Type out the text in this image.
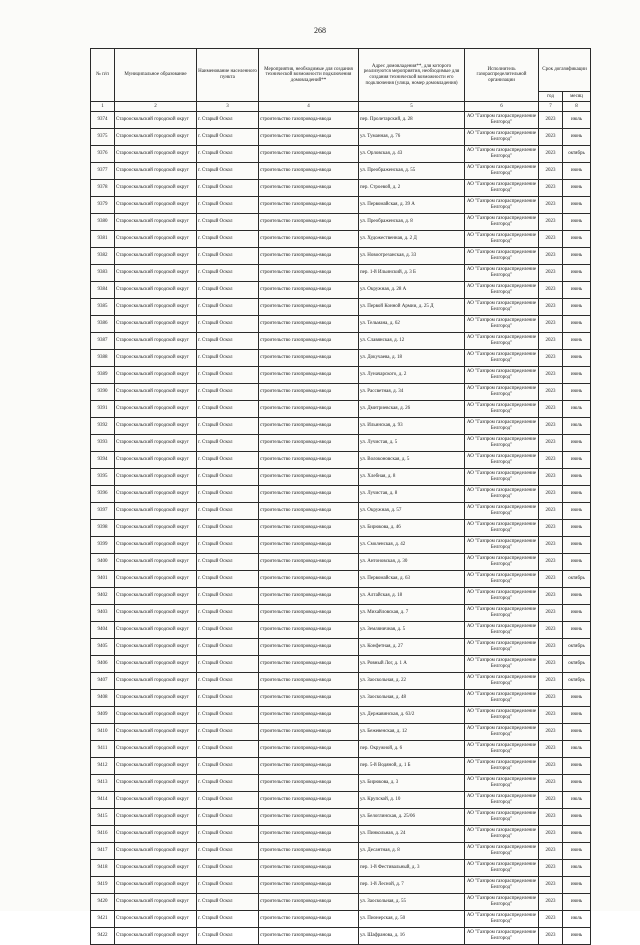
268
№ п/п	Муниципальное образование	Наименование населенного пункта	Мероприятия, необходимые для создания технической возможности подключения домовладений**	Адрес домовладения**, для которого реализуются мероприятия, необходимые для создания технической возможности его подключения (улица, номер домовладения)	Исполнитель газораспределительной организации	Срок догазификации	
						год	месяц
1	2	3	4	5	6	7	8
9374	Старооскольский городской округ	г. Старый Оскол	строительство газопровода-ввода	пер. Пролетарский, д. 28	АО "Газпром газораспределение Белгород"	2023	июль
9375	Старооскольский городской округ	г. Старый Оскол	строительство газопровода-ввода	ул. Туманная, д. 76	АО "Газпром газораспределение Белгород"	2023	июнь
9376	Старооскольский городской округ	г. Старый Оскол	строительство газопровода-ввода	ул. Орловская, д. 43	АО "Газпром газораспределение Белгород"	2023	октябрь
9377	Старооскольский городской округ	г. Старый Оскол	строительство газопровода-ввода	ул. Преображенская, д. 55	АО "Газпром газораспределение Белгород"	2023	июнь
9378	Старооскольский городской округ	г. Старый Оскол	строительство газопровода-ввода	пер. Строевой, д. 2	АО "Газпром газораспределение Белгород"	2023	июнь
9379	Старооскольский городской округ	г. Старый Оскол	строительство газопровода-ввода	ул. Первомайская, д. 39 А	АО "Газпром газораспределение Белгород"	2023	июнь
9380	Старооскольский городской округ	г. Старый Оскол	строительство газопровода-ввода	ул. Преображенская, д. 8	АО "Газпром газораспределение Белгород"	2023	июнь
9381	Старооскольский городской округ	г. Старый Оскол	строительство газопровода-ввода	ул. Художественная, д. 2 Д	АО "Газпром газораспределение Белгород"	2023	июнь
9382	Старооскольский городской округ	г. Старый Оскол	строительство газопровода-ввода	ул. Новоотрезанская, д. 33	АО "Газпром газораспределение Белгород"	2023	июнь
9383	Старооскольский городской округ	г. Старый Оскол	строительство газопровода-ввода	пер. 1-й Ильинский, д. 3 Б	АО "Газпром газораспределение Белгород"	2023	июнь
9384	Старооскольский городской округ	г. Старый Оскол	строительство газопровода-ввода	ул. Окружная, д. 28 А	АО "Газпром газораспределение Белгород"	2023	июнь
9385	Старооскольский городской округ	г. Старый Оскол	строительство газопровода-ввода	ул. Первой Конной Армии, д. 25 Д	АО "Газпром газораспределение Белгород"	2023	июнь
9386	Старооскольский городской округ	г. Старый Оскол	строительство газопровода-ввода	ул. Тельмана, д. 62	АО "Газпром газораспределение Белгород"	2023	июнь
9387	Старооскольский городской округ	г. Старый Оскол	строительство газопровода-ввода	ул. Славянская, д. 12	АО "Газпром газораспределение Белгород"	2023	июнь
9388	Старооскольский городской округ	г. Старый Оскол	строительство газопровода-ввода	ул. Докучаева, д. 18	АО "Газпром газораспределение Белгород"	2023	июнь
9389	Старооскольский городской округ	г. Старый Оскол	строительство газопровода-ввода	ул. Луначарского, д. 2	АО "Газпром газораспределение Белгород"	2023	июнь
9390	Старооскольский городской округ	г. Старый Оскол	строительство газопровода-ввода	ул. Рассветная, д. 34	АО "Газпром газораспределение Белгород"	2023	июнь
9391	Старооскольский городской округ	г. Старый Оскол	строительство газопровода-ввода	ул. Дмитриевская, д. 26	АО "Газпром газораспределение Белгород"	2023	июль
9392	Старооскольский городской округ	г. Старый Оскол	строительство газопровода-ввода	ул. Ильинская, д. 93	АО "Газпром газораспределение Белгород"	2023	июль
9393	Старооскольский городской округ	г. Старый Оскол	строительство газопровода-ввода	ул. Лучистая, д. 5	АО "Газпром газораспределение Белгород"	2023	июнь
9394	Старооскольский городской округ	г. Старый Оскол	строительство газопровода-ввода	ул. Волоконовская, д. 5	АО "Газпром газораспределение Белгород"	2023	июнь
9395	Старооскольский городской округ	г. Старый Оскол	строительство газопровода-ввода	ул. Хлебная, д. 8	АО "Газпром газораспределение Белгород"	2023	июнь
9396	Старооскольский городской округ	г. Старый Оскол	строительство газопровода-ввода	ул. Лучистая, д. 8	АО "Газпром газораспределение Белгород"	2023	июнь
9397	Старооскольский городской округ	г. Старый Оскол	строительство газопровода-ввода	ул. Окружная, д. 57	АО "Газпром газораспределение Белгород"	2023	июнь
9398	Старооскольский городской округ	г. Старый Оскол	строительство газопровода-ввода	ул. Бирюкова, д. 46	АО "Газпром газораспределение Белгород"	2023	июнь
9399	Старооскольский городской округ	г. Старый Оскол	строительство газопровода-ввода	ул. Смоленская, д. 42	АО "Газпром газораспределение Белгород"	2023	июнь
9400	Старооскольский городской округ	г. Старый Оскол	строительство газопровода-ввода	ул. Антоновская, д. 30	АО "Газпром газораспределение Белгород"	2023	июнь
9401	Старооскольский городской округ	г. Старый Оскол	строительство газопровода-ввода	ул. Первомайская, д. 63	АО "Газпром газораспределение Белгород"	2023	октябрь
9402	Старооскольский городской округ	г. Старый Оскол	строительство газопровода-ввода	ул. Алтайская, д. 18	АО "Газпром газораспределение Белгород"	2023	июнь
9403	Старооскольский городской округ	г. Старый Оскол	строительство газопровода-ввода	ул. Михайловская, д. 7	АО "Газпром газораспределение Белгород"	2023	июнь
9404	Старооскольский городской округ	г. Старый Оскол	строительство газопровода-ввода	ул. Земляничная, д. 5	АО "Газпром газораспределение Белгород"	2023	июнь
9405	Старооскольский городской округ	г. Старый Оскол	строительство газопровода-ввода	ул. Конфетная, д. 27	АО "Газпром газораспределение Белгород"	2023	октябрь
9406	Старооскольский городской округ	г. Старый Оскол	строительство газопровода-ввода	ул. Ровный Лог, д. 1 А	АО "Газпром газораспределение Белгород"	2023	октябрь
9407	Старооскольский городской округ	г. Старый Оскол	строительство газопровода-ввода	ул. Заоскольная, д. 22	АО "Газпром газораспределение Белгород"	2023	октябрь
9408	Старооскольский городской округ	г. Старый Оскол	строительство газопровода-ввода	ул. Заоскольная, д. 48	АО "Газпром газораспределение Белгород"	2023	июнь
9409	Старооскольский городской округ	г. Старый Оскол	строительство газопровода-ввода	ул. Державинская, д. 63/2	АО "Газпром газораспределение Белгород"	2023	июнь
9410	Старооскольский городской округ	г. Старый Оскол	строительство газопровода-ввода	ул. Бежевенская, д. 12	АО "Газпром газораспределение Белгород"	2023	июнь
9411	Старооскольский городской округ	г. Старый Оскол	строительство газопровода-ввода	пер. Окружной, д. 6	АО "Газпром газораспределение Белгород"	2023	июль
9412	Старооскольский городской округ	г. Старый Оскол	строительство газопровода-ввода	пер. 5-й Водяной, д. 1 Б	АО "Газпром газораспределение Белгород"	2023	июнь
9413	Старооскольский городской округ	г. Старый Оскол	строительство газопровода-ввода	ул. Бирюкова, д. 3	АО "Газпром газораспределение Белгород"	2023	июнь
9414	Старооскольский городской округ	г. Старый Оскол	строительство газопровода-ввода	ул. Крупской, д. 10	АО "Газпром газораспределение Белгород"	2023	июль
9415	Старооскольский городской округ	г. Старый Оскол	строительство газопровода-ввода	ул. Белоглинская, д. 25/06	АО "Газпром газораспределение Белгород"	2023	июнь
9416	Старооскольский городской округ	г. Старый Оскол	строительство газопровода-ввода	ул. Пинкольная, д. 24	АО "Газпром газораспределение Белгород"	2023	июнь
9417	Старооскольский городской округ	г. Старый Оскол	строительство газопровода-ввода	ул. Десантная, д. 8	АО "Газпром газораспределение Белгород"	2023	июнь
9418	Старооскольский городской округ	г. Старый Оскол	строительство газопровода-ввода	пер. 1-й Фестивальный, д. 3	АО "Газпром газораспределение Белгород"	2023	июль
9419	Старооскольский городской округ	г. Старый Оскол	строительство газопровода-ввода	пер. 1-й Лесной, д. 7	АО "Газпром газораспределение Белгород"	2023	июнь
9420	Старооскольский городской округ	г. Старый Оскол	строительство газопровода-ввода	ул. Заоскольная, д. 55	АО "Газпром газораспределение Белгород"	2023	июнь
9421	Старооскольский городской округ	г. Старый Оскол	строительство газопровода-ввода	ул. Пионерская, д. 50	АО "Газпром газораспределение Белгород"	2023	июль
9422	Старооскольский городской округ	г. Старый Оскол	строительство газопровода-ввода	ул. Шафранова, д. 16	АО "Газпром газораспределение Белгород"	2023	июнь
